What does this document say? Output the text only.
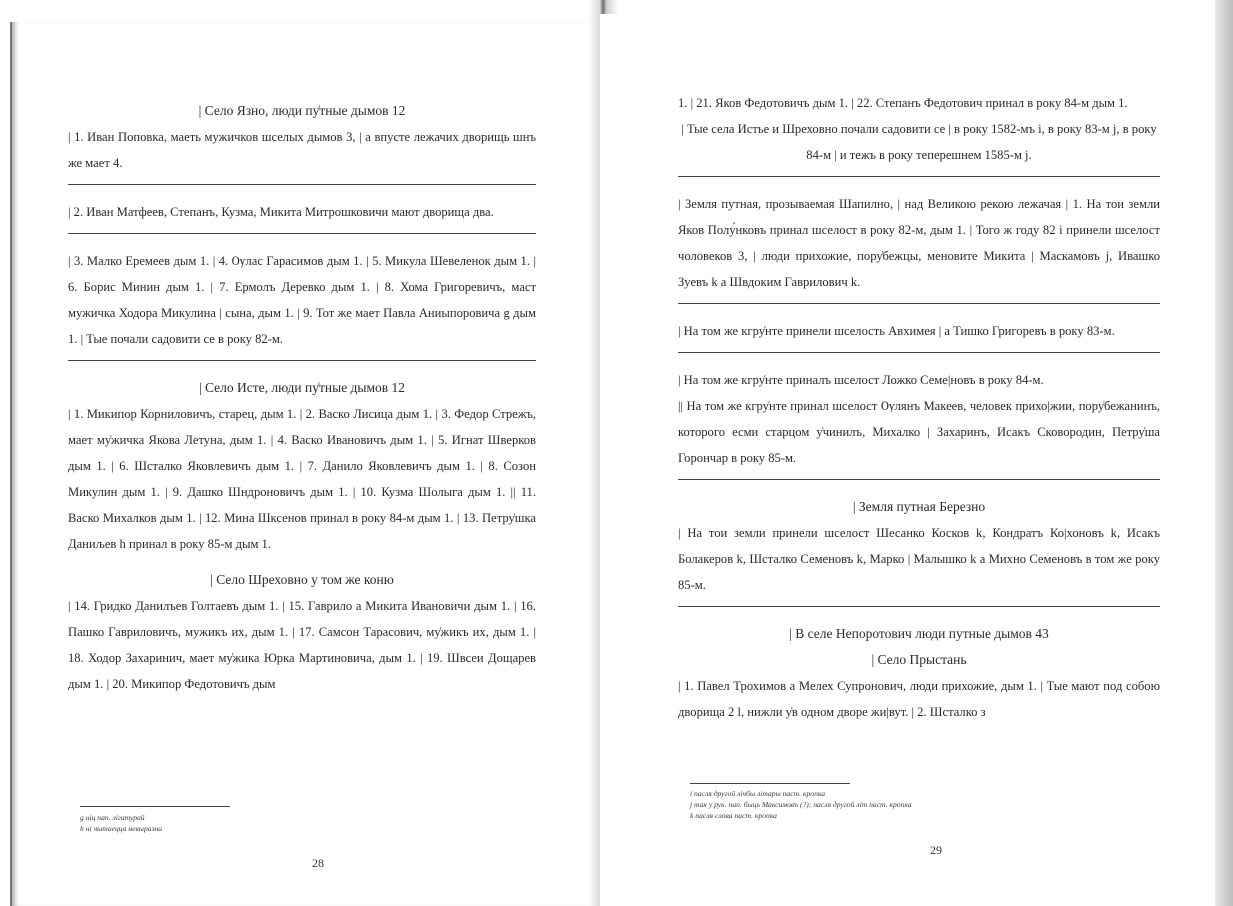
| Село Язно, люди пу͑тные дымов 12

| 1. Иван Поповка, маеть мужичков шселых дымов 3, | а впусте лежачих дворищь шнъ же мает 4.

| 2. Иван Матфеев, Степанъ, Кузма, Микита Митрошковичи мают дворища два.

| 3. Малко Еремеев дым 1. | 4. Ѹлас Гарасимов дым 1. | 5. Микула Шевеленок дым 1. | 6. Борис Минин дым 1. | 7. Ермолъ Деревко дым 1. | 8. Хома Григоревичъ, маст мужичка Ходора Микулина | сына, дым 1. | 9. Тот же мает Павла Аниыпоровича g дым 1. | Тые почали садовити се в року 82-м.

| Село Исте, люди пу͑тные дымов 12

| 1. Микипор Корниловичъ, старец, дым 1. | 2. Васко Лисица дым 1. | 3. Федор Стрежъ, мает му͑жичка Якова Летуна, дым 1. | 4. Васко Ивановичъ дым 1. | 5. Игнат Шверков дым 1. | 6. Шсталко Яковлевичъ дым 1. | 7. Данило Яковлевичъ дым 1. | 8. Созон Микулин дым 1. | 9. Дашко Шндроновичъ дым 1. | 10. Кузма Шолыга дым 1. || 11. Васко Михалков дым 1. | 12. Мина Шксенов принал в року 84-м дым 1. | 13. Петру͑шка Даниљев h принал в року 85-м дым 1.

| Село Шреховно у том же коню

| 14. Гридко Данилъев Голтаевъ дым 1. | 15. Гаврило а Микита Ивановичи дым 1. | 16. Пашко Гавриловичъ, мужикъ их, дым 1. | 17. Самсон Тарасович, му͑жикъ их, дым 1. | 18. Ходор Захаринич, мает му͑жика Юрка Мартиновича, дым 1. | 19. Швсеи Дощарев дым 1. | 20. Микипор Федотовичъ дым

g ніц пап. лігатурай
h ні чытаецца невыразна
28

1. | 21. Яков Федотовичъ дым 1. | 22. Степанъ Федотович принал в року 84-м дым 1.

| Тые села Истье и Шреховно почали садовити се | в року 1582-мъ i, в року 83-м j, в року 84-м | и тежъ в року теперешнем 1585-м j.

| Земля путная, прозываемая Шапилно, | над Великою рекою лежачая | 1. На тои земли Яков Полу́нковъ принал шселост в року 82-м, дым 1. | Того ж году 82 i принели шселост чоловеков 3, | люди прихожие, пору͑бежцы, меновите Микита | Маскамовъ j, Ивашко Зуевъ k а Швдоким Гаврилович k.

| На том же кгру͑нте принели шселость Авхимея | а Тишко Григоревъ в року 83-м.

| На том же кгру͑нте приналъ шселост Ложко Семе|новъ в року 84-м.

|| На том же кгру͑нте принал шселост Ѹлянъ Макеев, человек прихо|жии, пору͑бежанинъ, которого есми старцом у͑чинилъ, Михалко | Захаринъ, Исакъ Сковородин, Петру͑ша Горончар в року 85-м.

| Земля путная Березно

| На тои земли принели шселост Шесанко Косков k, Кондратъ Ко|хоновъ k, Исакъ Болакеров k, Шсталко Семеновъ k, Марко | Малышко k а Михно Семеновъ в том же року 85-м.

| В селе Непоротович люди путные дымов 43

| Село Прыстань

| 1. Павел Трохимов а Мелех Супронович, люди прихожие, дым 1. | Тые мают под собою дворища 2 l, нижли у͑в одном дворе жи|вут. | 2. Шсталко з

i пасля другой лічбы літары паст. кропка
j так у рук. пап. быць Максимовъ (?); пасля другой літ паст. кропка
k пасля слова паст. кропка
29
